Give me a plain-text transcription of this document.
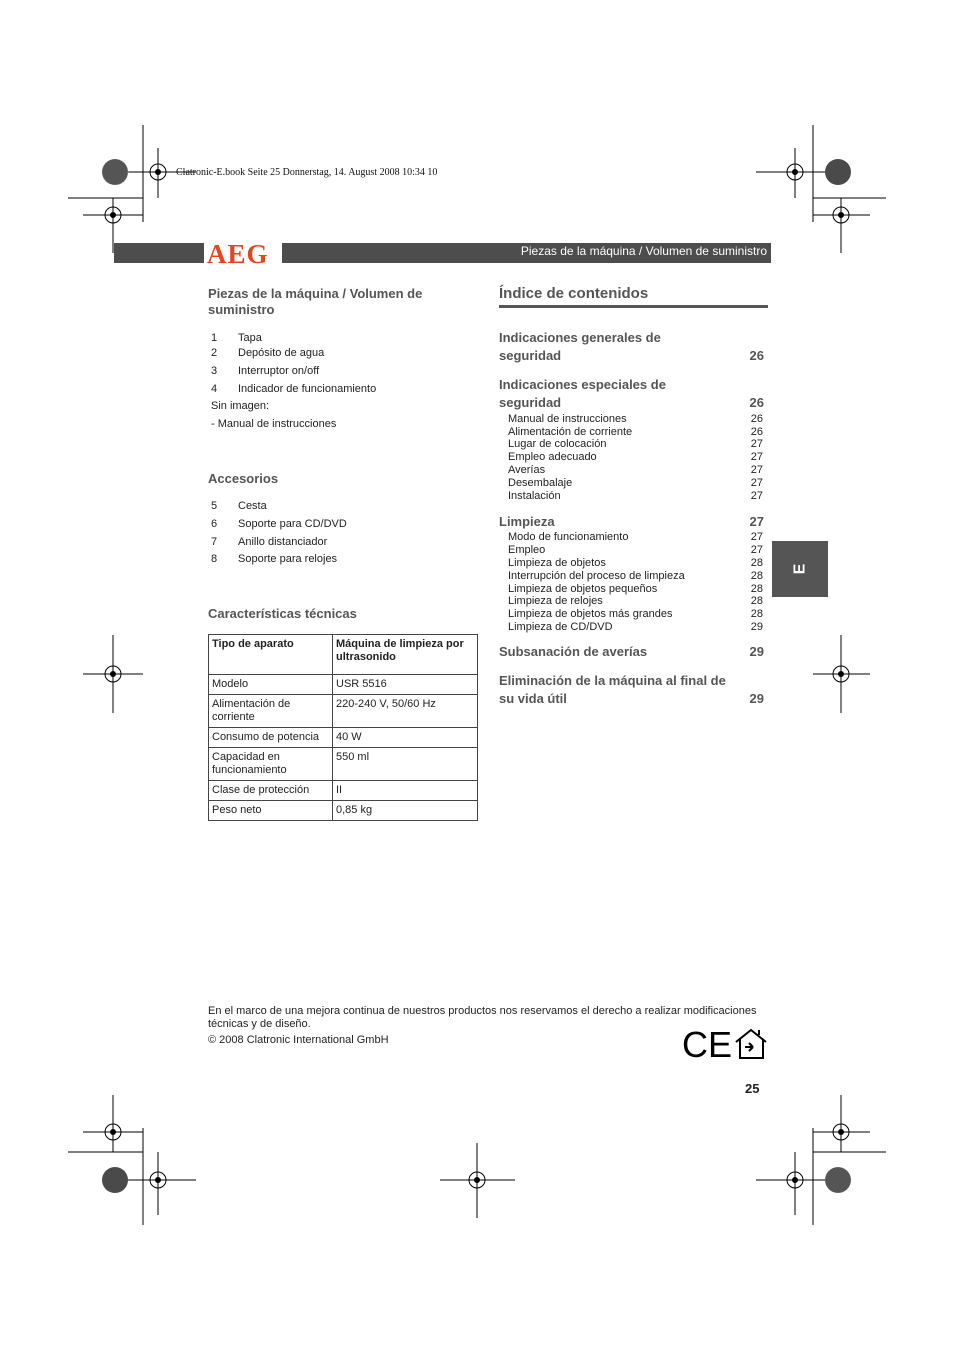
Clatronic-E.book Seite 25 Donnerstag, 14. August 2008 10:34 10
AEG	Piezas de la máquina / Volumen de suministro
E
Piezas de la máquina / Volumen de suministro
1 Tapa
2 Depósito de agua
3 Interruptor on/off
4 Indicador de funcionamiento
Sin imagen:
- Manual de instrucciones
Accesorios
5 Cesta
6 Soporte para CD/DVD
7 Anillo distanciador
8 Soporte para relojes
Características técnicas
Tipo de aparato	Máquina de limpieza por ultrasonido
Modelo	USR 5516
Alimentación de corriente	220-240 V, 50/60 Hz
Consumo de potencia	40 W
Capacidad en funcionamiento	550 ml
Clase de protección	II
Peso neto	0,85 kg
Índice de contenidos
Indicaciones generales de seguridad	26
Indicaciones especiales de seguridad	26
Manual de instrucciones	26
Alimentación de corriente	26
Lugar de colocación	27
Empleo adecuado	27
Averías	27
Desembalaje	27
Instalación	27
Limpieza	27
Modo de funcionamiento	27
Empleo	27
Limpieza de objetos	28
Interrupción del proceso de limpieza	28
Limpieza de objetos pequeños	28
Limpieza de relojes	28
Limpieza de objetos más grandes	28
Limpieza de CD/DVD	29
Subsanación de averías	29
Eliminación de la máquina al final de su vida útil	29
En el marco de una mejora continua de nuestros productos nos reservamos el derecho a realizar modificaciones técnicas y de diseño.
© 2008 Clatronic International GmbH	CE
25
